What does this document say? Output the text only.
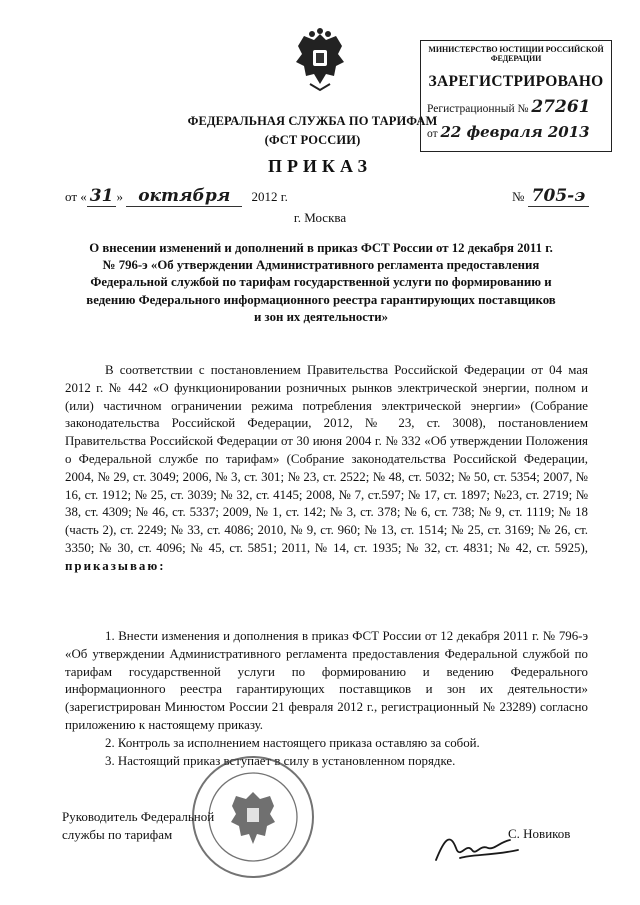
ФЕДЕРАЛЬНАЯ СЛУЖБА ПО ТАРИФАМ
(ФСТ РОССИИ)
МИНИСТЕРСТВО ЮСТИЦИИ РОССИЙСКОЙ ФЕДЕРАЦИИ
ЗАРЕГИСТРИРОВАНО
Регистрационный № 27261
от 22 февраля 2013
ПРИКАЗ
от « 31 » октября 2012 г.	№ 705-э
г. Москва
О внесении изменений и дополнений в приказ ФСТ России от 12 декабря 2011 г. № 796-э «Об утверждении Административного регламента предоставления Федеральной службой по тарифам государственной услуги по формированию и ведению Федерального информационного реестра гарантирующих поставщиков и зон их деятельности»
В соответствии с постановлением Правительства Российской Федерации от 04 мая 2012 г. № 442 «О функционировании розничных рынков электрической энергии, полном и (или) частичном ограничении режима потребления электрической энергии» (Собрание законодательства Российской Федерации, 2012, № 23, ст. 3008), постановлением Правительства Российской Федерации от 30 июня 2004 г. № 332 «Об утверждении Положения о Федеральной службе по тарифам» (Собрание законодательства Российской Федерации, 2004, № 29, ст. 3049; 2006, № 3, ст. 301; № 23, ст. 2522; № 48, ст. 5032; № 50, ст. 5354; 2007, № 16, ст. 1912; № 25, ст. 3039; № 32, ст. 4145; 2008, № 7, ст.597; № 17, ст. 1897; №23, ст. 2719; № 38, ст. 4309; № 46, ст. 5337; 2009, № 1, ст. 142; № 3, ст. 378; № 6, ст. 738; № 9, ст. 1119; № 18 (часть 2), ст. 2249; № 33, ст. 4086; 2010, № 9, ст. 960; № 13, ст. 1514; № 25, ст. 3169; № 26, ст. 3350; № 30, ст. 4096; № 45, ст. 5851; 2011, № 14, ст. 1935; № 32, ст. 4831; № 42, ст. 5925), приказываю:

1. Внести изменения и дополнения в приказ ФСТ России от 12 декабря 2011 г. № 796-э «Об утверждении Административного регламента предоставления Федеральной службой по тарифам государственной услуги по формированию и ведению Федерального информационного реестра гарантирующих поставщиков и зон их деятельности» (зарегистрирован Минюстом России 21 февраля 2012 г., регистрационный № 23289) согласно приложению к настоящему приказу.

2. Контроль за исполнением настоящего приказа оставляю за собой.

3. Настоящий приказ вступает в силу в установленном порядке.

Руководитель Федеральной
службы по тарифам	С. Новиков
